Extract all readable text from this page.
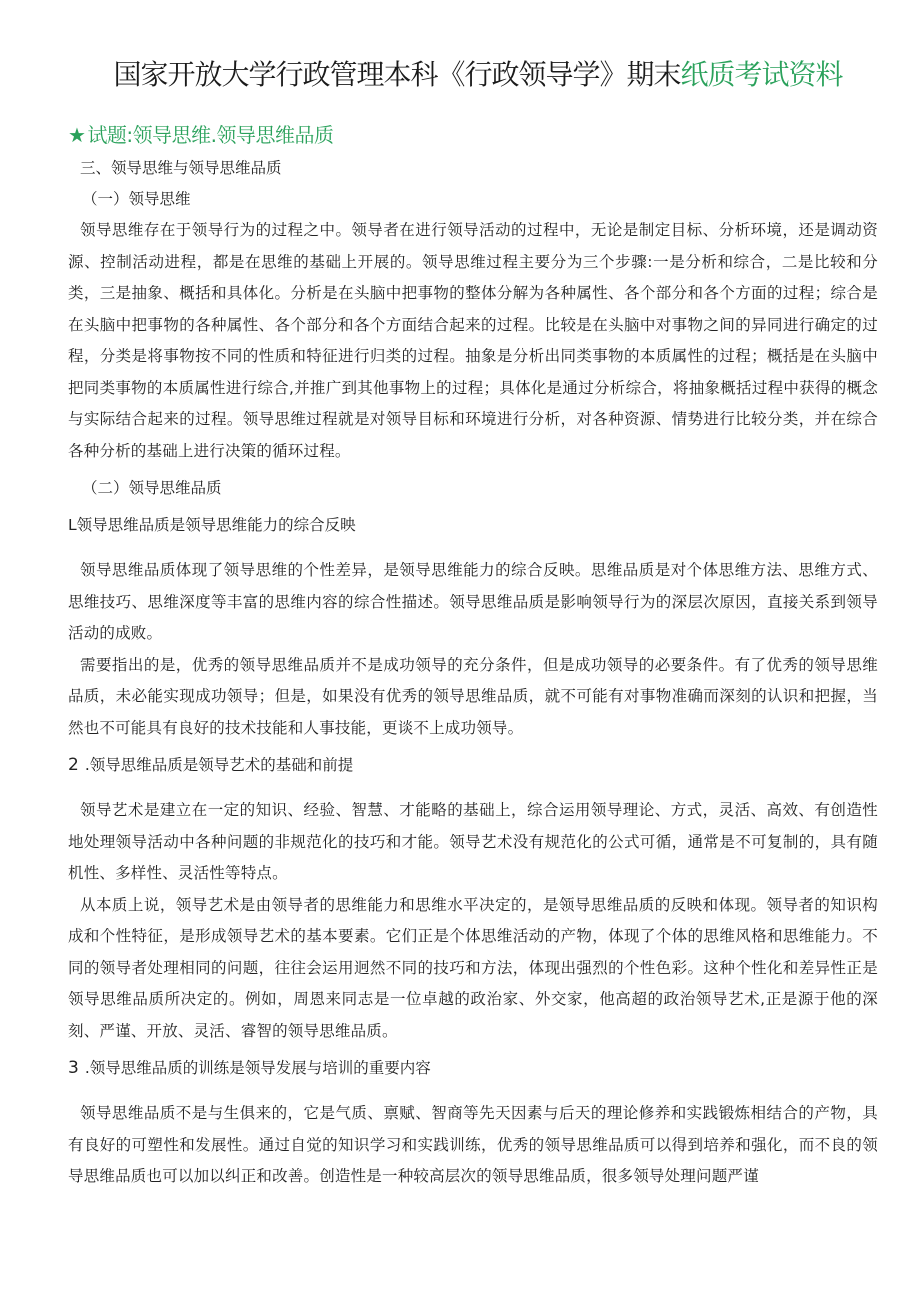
国家开放大学行政管理本科《行政领导学》期末纸质考试资料
★ 试题:领导思维.领导思维品质

三、领导思维与领导思维品质

（一）领导思维

领导思维存在于领导行为的过程之中。领导者在进行领导活动的过程中，无论是制定目标、分析环境，还是调动资源、控制活动进程，都是在思维的基础上开展的。领导思维过程主要分为三个步骤:一是分析和综合，二是比较和分类，三是抽象、概括和具体化。分析是在头脑中把事物的整体分解为各种属性、各个部分和各个方面的过程；综合是在头脑中把事物的各种属性、各个部分和各个方面结合起来的过程。比较是在头脑中对事物之间的异同进行确定的过程，分类是将事物按不同的性质和特征进行归类的过程。抽象是分析出同类事物的本质属性的过程；概括是在头脑中把同类事物的本质属性进行综合,并推广到其他事物上的过程；具体化是通过分析综合，将抽象概括过程中获得的概念与实际结合起来的过程。领导思维过程就是对领导目标和环境进行分析，对各种资源、情势进行比较分类，并在综合各种分析的基础上进行决策的循环过程。

（二）领导思维品质

L领导思维品质是领导思维能力的综合反映

领导思维品质体现了领导思维的个性差异，是领导思维能力的综合反映。思维品质是对个体思维方法、思维方式、思维技巧、思维深度等丰富的思维内容的综合性描述。领导思维品质是影响领导行为的深层次原因，直接关系到领导活动的成败。

需要指出的是，优秀的领导思维品质并不是成功领导的充分条件，但是成功领导的必要条件。有了优秀的领导思维品质，未必能实现成功领导；但是，如果没有优秀的领导思维品质，就不可能有对事物准确而深刻的认识和把握，当然也不可能具有良好的技术技能和人事技能，更谈不上成功领导。

2 .领导思维品质是领导艺术的基础和前提

领导艺术是建立在一定的知识、经验、智慧、才能略的基础上，综合运用领导理论、方式，灵活、高效、有创造性地处理领导活动中各种问题的非规范化的技巧和才能。领导艺术没有规范化的公式可循，通常是不可复制的，具有随机性、多样性、灵活性等特点。

从本质上说，领导艺术是由领导者的思维能力和思维水平决定的，是领导思维品质的反映和体现。领导者的知识构成和个性特征，是形成领导艺术的基本要素。它们正是个体思维活动的产物，体现了个体的思维风格和思维能力。不同的领导者处理相同的问题，往往会运用迥然不同的技巧和方法，体现出强烈的个性色彩。这种个性化和差异性正是领导思维品质所决定的。例如，周恩来同志是一位卓越的政治家、外交家，他高超的政治领导艺术,正是源于他的深刻、严谨、开放、灵活、睿智的领导思维品质。

3 .领导思维品质的训练是领导发展与培训的重要内容

领导思维品质不是与生俱来的，它是气质、禀赋、智商等先天因素与后天的理论修养和实践锻炼相结合的产物，具有良好的可塑性和发展性。通过自觉的知识学习和实践训练，优秀的领导思维品质可以得到培养和强化，而不良的领导思维品质也可以加以纠正和改善。创造性是一种较高层次的领导思维品质，很多领导处理问题严谨
